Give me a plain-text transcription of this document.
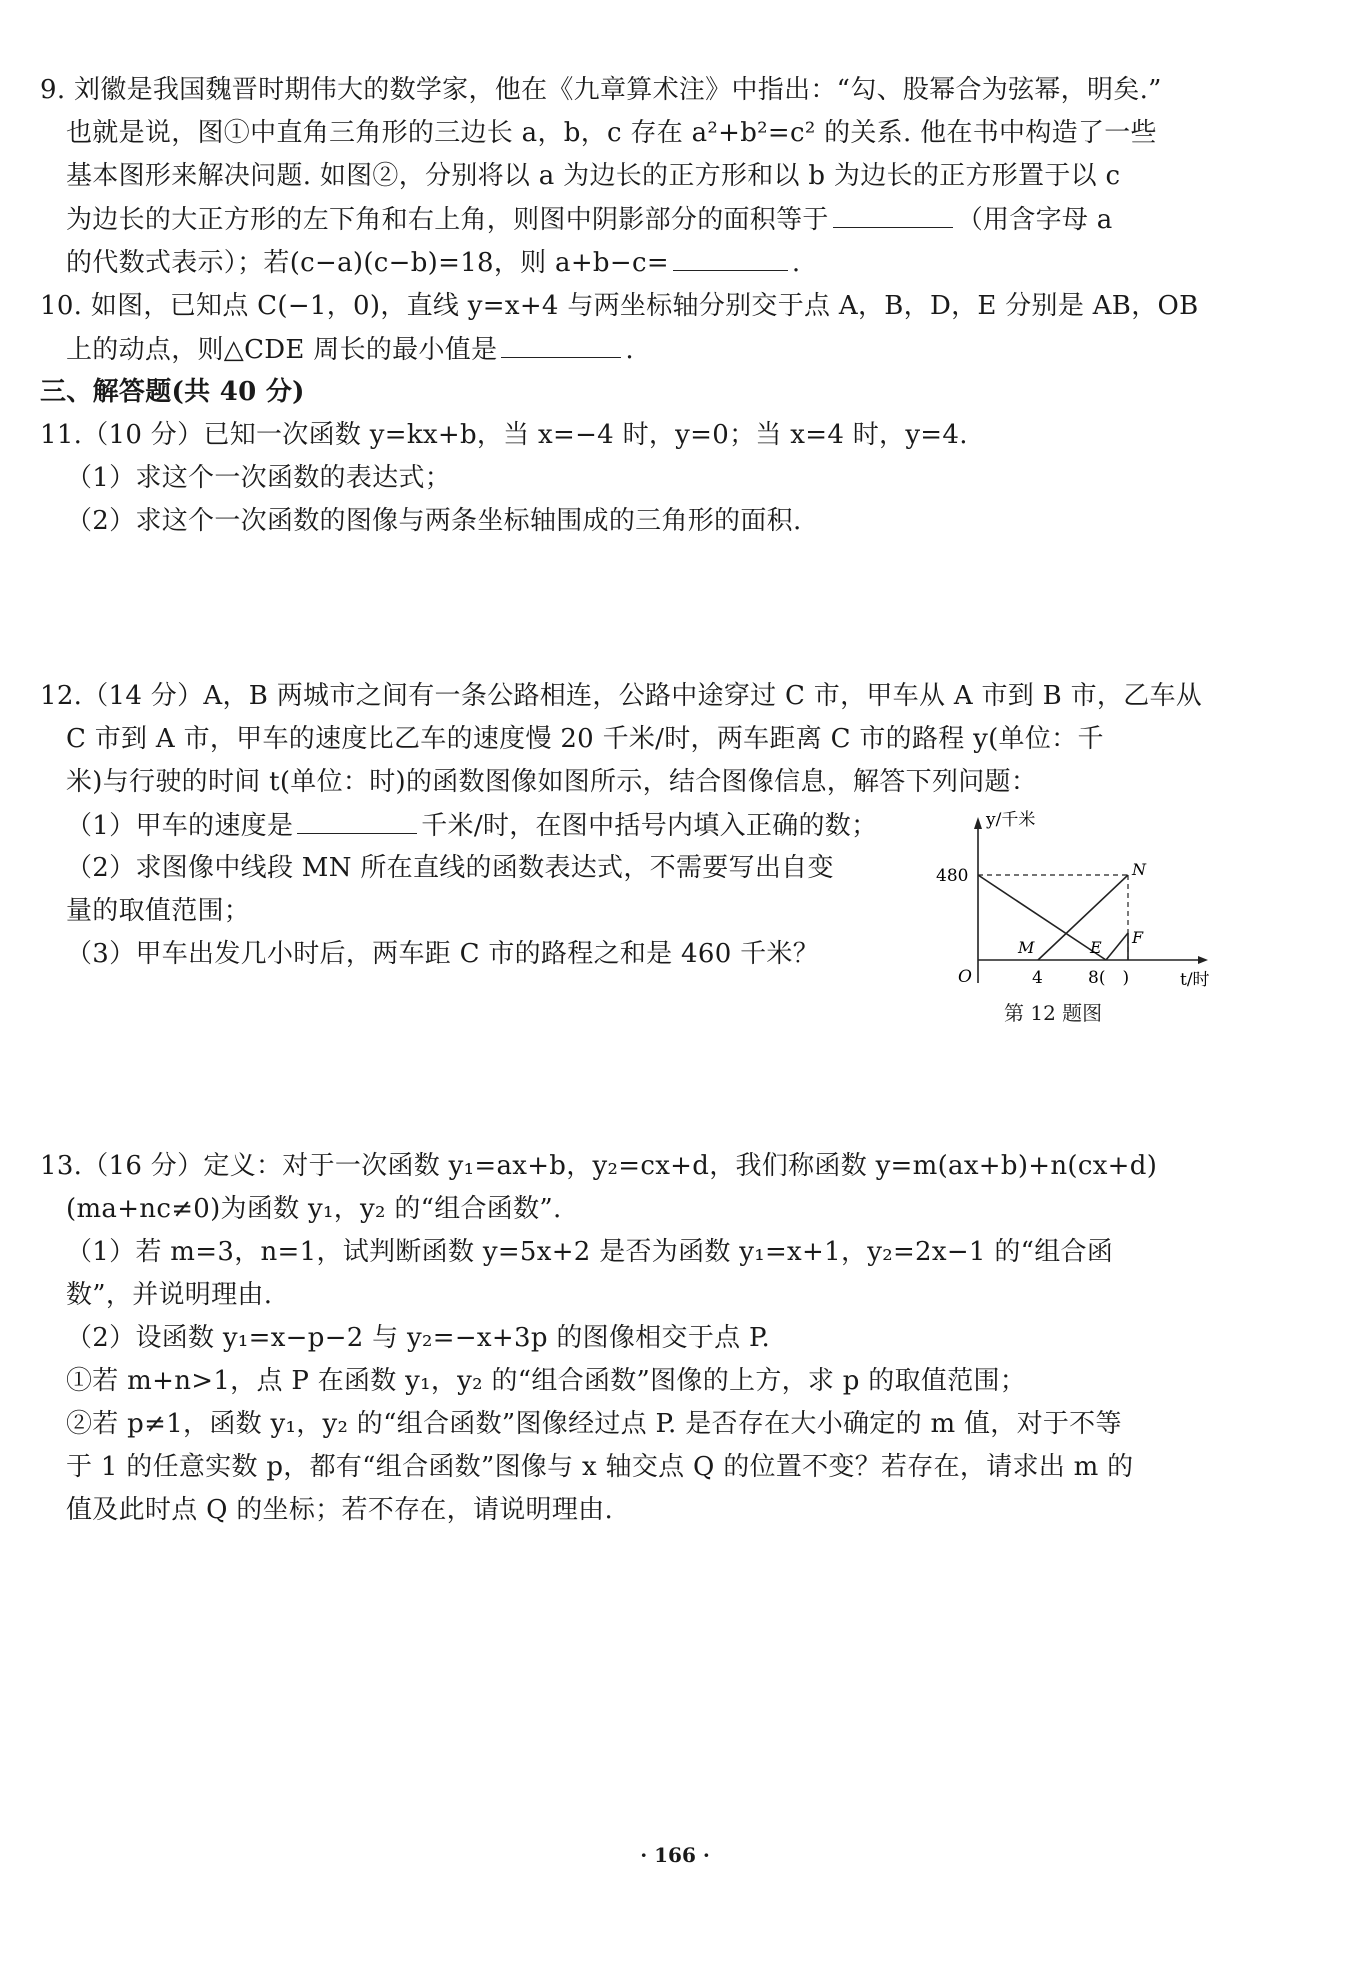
9. 刘徽是我国魏晋时期伟大的数学家，他在《九章算术注》中指出：“勾、股幂合为弦幂，明矣.”
也就是说，图①中直角三角形的三边长 a，b，c 存在 a²+b²=c² 的关系. 他在书中构造了一些
基本图形来解决问题. 如图②，分别将以 a 为边长的正方形和以 b 为边长的正方形置于以 c
为边长的大正方形的左下角和右上角，则图中阴影部分的面积等于	（用含字母 a
的代数式表示）；若(c−a)(c−b)=18，则 a+b−c=	.
10. 如图，已知点 C(−1，0)，直线 y=x+4 与两坐标轴分别交于点 A，B，D，E 分别是 AB，OB
上的动点，则△CDE 周长的最小值是	.
三、解答题(共 40 分)
11.（10 分）已知一次函数 y=kx+b，当 x=−4 时，y=0；当 x=4 时，y=4.
（1）求这个一次函数的表达式；
（2）求这个一次函数的图像与两条坐标轴围成的三角形的面积.
12.（14 分）A，B 两城市之间有一条公路相连，公路中途穿过 C 市，甲车从 A 市到 B 市，乙车从
C 市到 A 市，甲车的速度比乙车的速度慢 20 千米/时，两车距离 C 市的路程 y(单位：千
米)与行驶的时间 t(单位：时)的函数图像如图所示，结合图像信息，解答下列问题：
（1）甲车的速度是	千米/时，在图中括号内填入正确的数；
（2）求图像中线段 MN 所在直线的函数表达式，不需要写出自变
量的取值范围；
（3）甲车出发几小时后，两车距 C 市的路程之和是 460 千米？
y/千米
t/时
480
O	4	8(　)
M
N
E
F
第 12 题图
13.（16 分）定义：对于一次函数 y₁=ax+b，y₂=cx+d，我们称函数 y=m(ax+b)+n(cx+d)
(ma+nc≠0)为函数 y₁，y₂ 的“组合函数”.
（1）若 m=3，n=1，试判断函数 y=5x+2 是否为函数 y₁=x+1，y₂=2x−1 的“组合函
数”，并说明理由.
（2）设函数 y₁=x−p−2 与 y₂=−x+3p 的图像相交于点 P.
①若 m+n>1，点 P 在函数 y₁，y₂ 的“组合函数”图像的上方，求 p 的取值范围；
②若 p≠1，函数 y₁，y₂ 的“组合函数”图像经过点 P. 是否存在大小确定的 m 值，对于不等
于 1 的任意实数 p，都有“组合函数”图像与 x 轴交点 Q 的位置不变？若存在，请求出 m 的
值及此时点 Q 的坐标；若不存在，请说明理由.
· 166 ·
